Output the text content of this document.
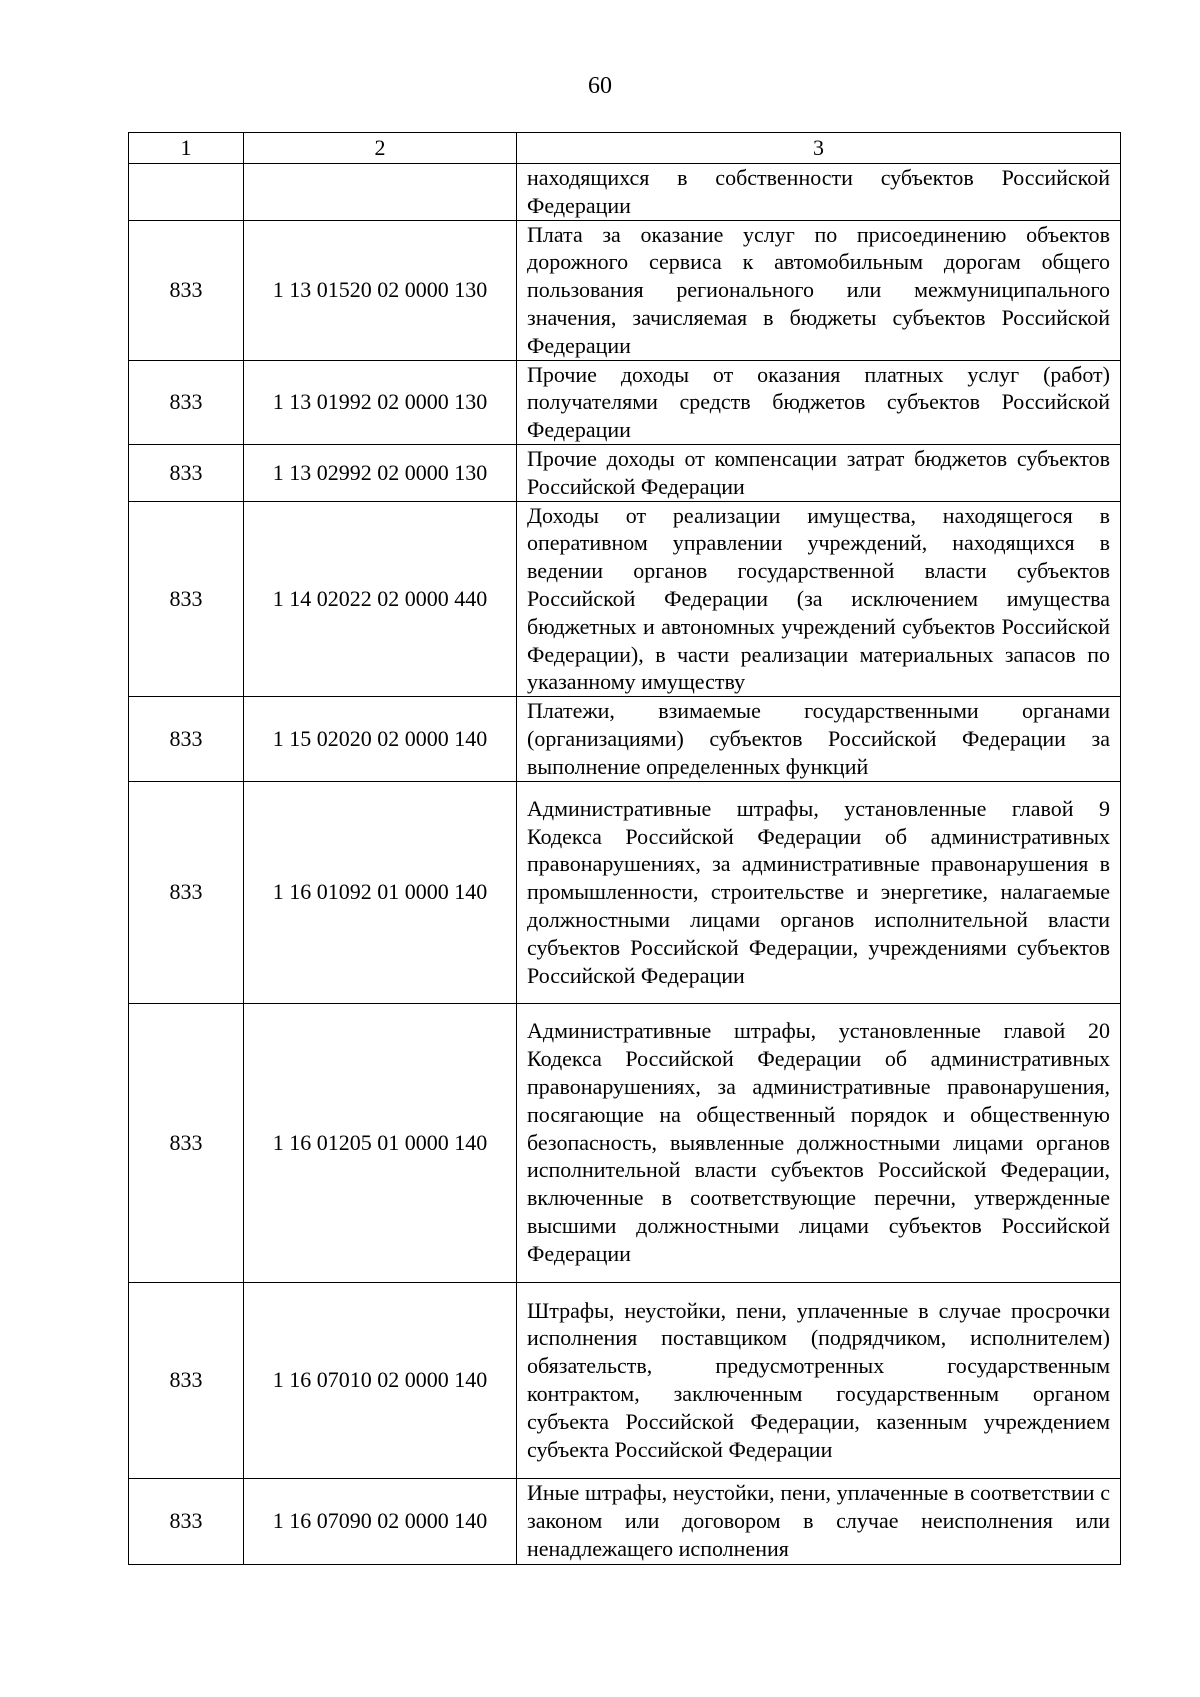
60
1	2	3

		находящихся в собственности субъектов Российской Федерации

833	1 13 01520 02 0000 130	Плата за оказание услуг по присоединению объектов дорожного сервиса к автомобильным дорогам общего пользования регионального или межмуниципального значения, зачисляемая в бюджеты субъектов Российской Федерации

833	1 13 01992 02 0000 130	Прочие доходы от оказания платных услуг (работ) получателями средств бюджетов субъектов Российской Федерации

833	1 13 02992 02 0000 130	Прочие доходы от компенсации затрат бюджетов субъектов Российской Федерации

833	1 14 02022 02 0000 440	Доходы от реализации имущества, находящегося в оперативном управлении учреждений, находящихся в ведении органов государственной власти субъектов Российской Федерации (за исключением имущества бюджетных и автономных учреждений субъектов Российской Федерации), в части реализации материальных запасов по указанному имуществу

833	1 15 02020 02 0000 140	Платежи, взимаемые государственными органами (организациями) субъектов Российской Федерации за выполнение определенных функций

833	1 16 01092 01 0000 140	Административные штрафы, установленные главой 9 Кодекса Российской Федерации об административных правонарушениях, за административные правонарушения в промышленности, строительстве и энергетике, налагаемые должностными лицами органов исполнительной власти субъектов Российской Федерации, учреждениями субъектов Российской Федерации

833	1 16 01205 01 0000 140	Административные штрафы, установленные главой 20 Кодекса Российской Федерации об административных правонарушениях, за административные правонарушения, посягающие на общественный порядок и общественную безопасность, выявленные должностными лицами органов исполнительной власти субъектов Российской Федерации, включенные в соответствующие перечни, утвержденные высшими должностными лицами субъектов Российской Федерации

833	1 16 07010 02 0000 140	Штрафы, неустойки, пени, уплаченные в случае просрочки исполнения поставщиком (подрядчиком, исполнителем) обязательств, предусмотренных государственным контрактом, заключенным государственным органом субъекта Российской Федерации, казенным учреждением субъекта Российской Федерации

833	1 16 07090 02 0000 140	Иные штрафы, неустойки, пени, уплаченные в соответствии с законом или договором в случае неисполнения или ненадлежащего исполнения
